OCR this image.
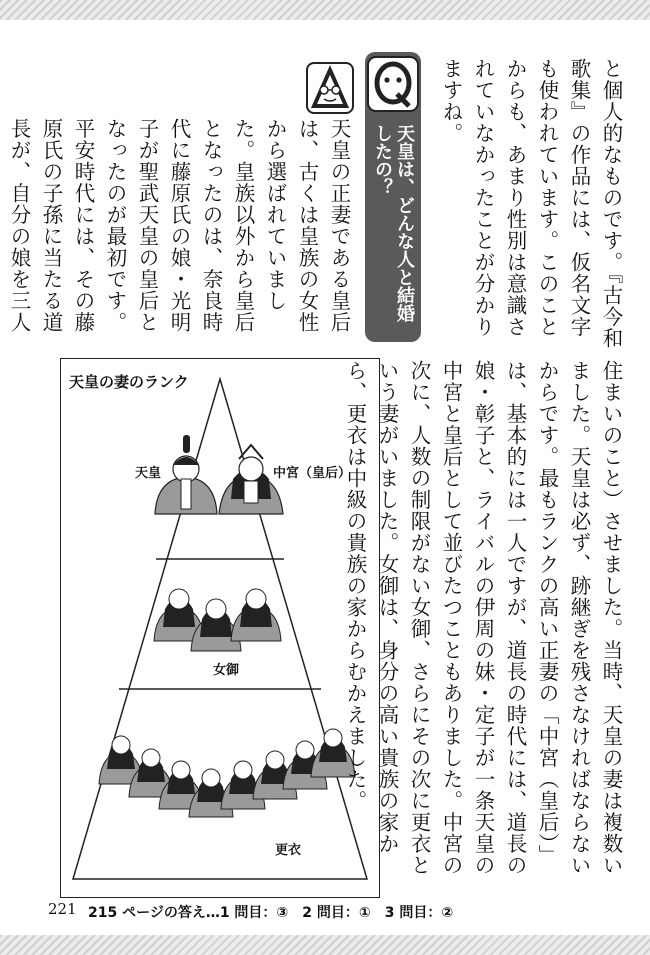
と個人的なものです。『古今和歌集』の作品には、仮名文字も使われています。このことからも、あまり性別は意識されていなかったことが分かりますね。

天皇は、どんな人と結婚したの？

天皇の正妻である皇后は、古くは皇族の女性から選ばれていました。皇族以外から皇后となったのは、奈良時代に藤原氏の娘・光明子が聖武天皇の皇后となったのが最初です。平安時代には、その藤原氏の子孫に当たる道長が、自分の娘を三人

天皇の妻のランク
天皇	中宮（皇后）
女御
更衣	住まいのこと）させました。当時、天皇の妻は複数いました。天皇は必ず、跡継ぎを残さなければならないからです。最もランクの高い正妻の「中宮（皇后）」は、基本的には一人ですが、道長の時代には、道長の娘・彰子と、ライバルの伊周の妹・定子が一条天皇の中宮と皇后として並びたつこともありました。中宮の次に、人数の制限がない女御、さらにその次に更衣という妻がいました。女御は、身分の高い貴族の家から、更衣は中級の貴族の家からむかえました。

221 215 ページの答え…1 問目：③　2 問目：①　3 問目：②
